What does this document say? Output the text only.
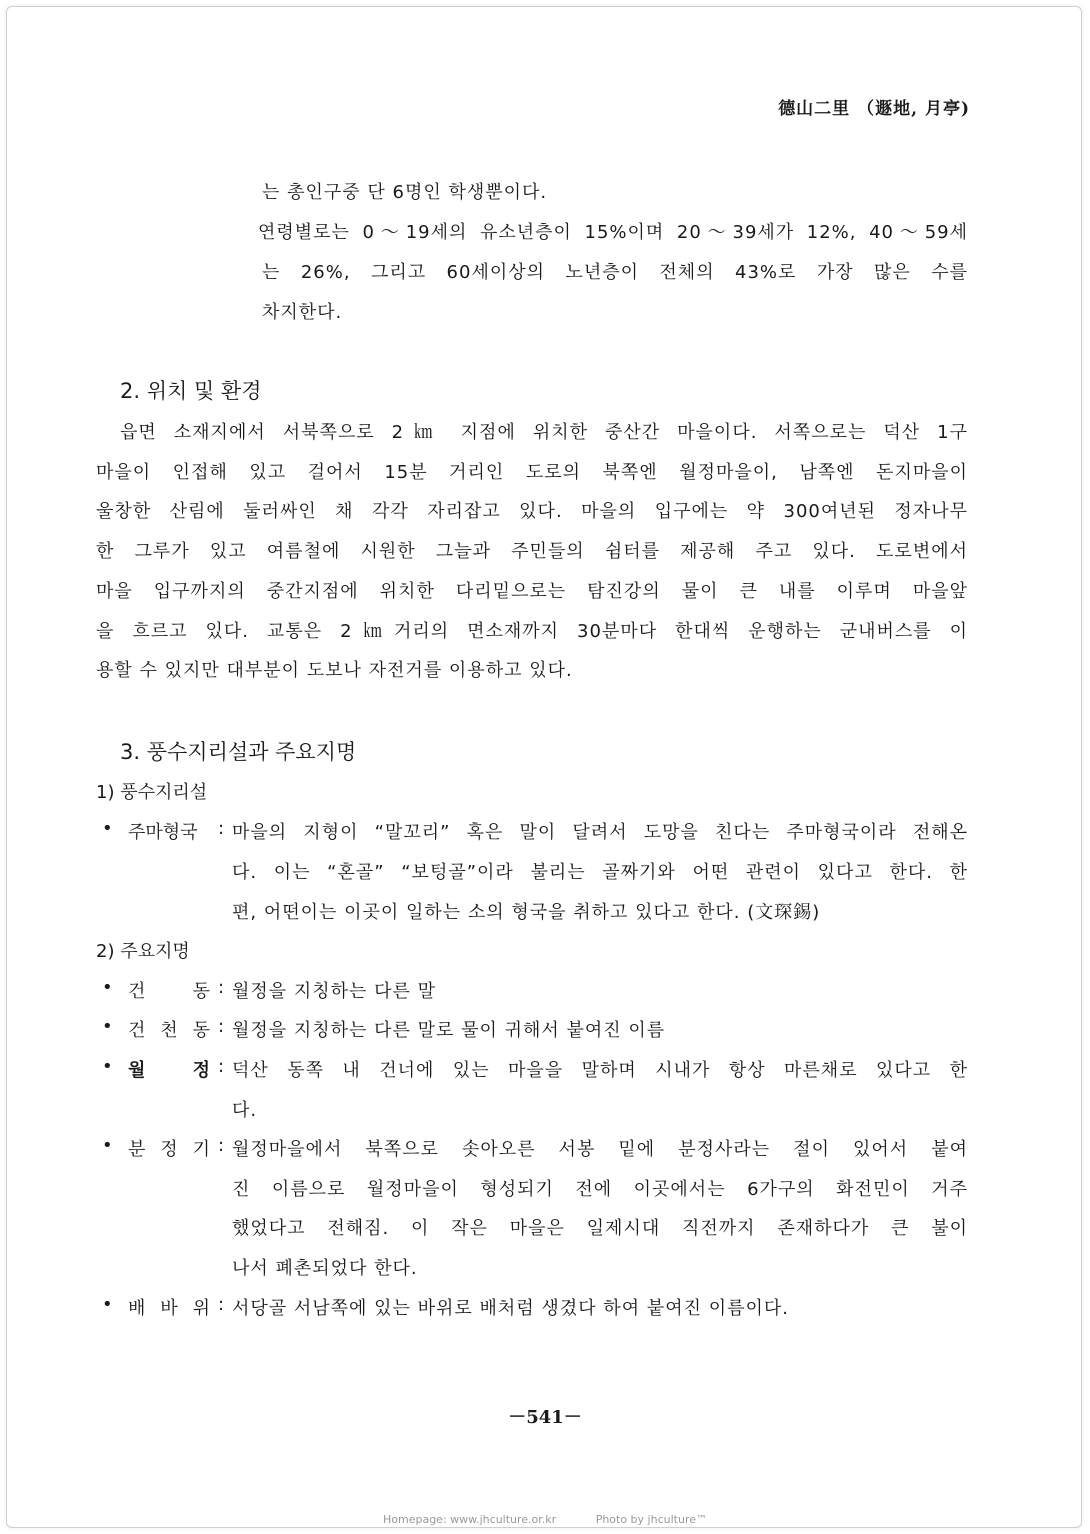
德山二里 （遯地, 月亭)
는 총인구중 단 6명인 학생뿐이다.
연령별로는 0～19세의 유소년층이 15%이며 20～39세가 12%, 40～59세
는 26%, 그리고 60세이상의 노년층이 전체의 43%로 가장 많은 수를
차지한다.
2. 위치 및 환경
읍면 소재지에서 서북쪽으로 2㎞ 지점에 위치한 중산간 마을이다. 서쪽으로는 덕산 1구
마을이 인접해 있고 걸어서 15분 거리인 도로의 북쪽엔 월정마을이, 남쪽엔 돈지마을이
울창한 산림에 둘러싸인 채 각각 자리잡고 있다. 마을의 입구에는 약 300여년된 정자나무
한 그루가 있고 여름철에 시원한 그늘과 주민들의 쉼터를 제공해 주고 있다. 도로변에서
마을 입구까지의 중간지점에 위치한 다리밑으로는 탐진강의 물이 큰 내를 이루며 마을앞
을 흐르고 있다. 교통은 2㎞거리의 면소재까지 30분마다 한대씩 운행하는 군내버스를 이
용할 수 있지만 대부분이 도보나 자전거를 이용하고 있다.
3. 풍수지리설과 주요지명
1) 풍수지리설
• 주마형국	: 마을의 지형이 “말꼬리” 혹은 말이 달려서 도망을 친다는 주마형국이라 전해온
다. 이는 “혼골” “보텅골”이라 불리는 골짜기와 어떤 관련이 있다고 한다. 한
편, 어떤이는 이곳이 일하는 소의 형국을 취하고 있다고 한다. (文琛錫)
2) 주요지명
• 건 동 : 월정을 지칭하는 다른 말
• 건 천 동 : 월정을 지칭하는 다른 말로 물이 귀해서 붙여진 이름
• 월 정 : 덕산 동쪽 내 건너에 있는 마을을 말하며 시내가 항상 마른채로 있다고 한
다.
• 분 정 기 : 월정마을에서 북쪽으로 솟아오른 서봉 밑에 분정사라는 절이 있어서 붙여
진 이름으로 월정마을이 형성되기 전에 이곳에서는 6가구의 화전민이 거주
했었다고 전해짐. 이 작은 마을은 일제시대 직전까지 존재하다가 큰 불이
나서 폐촌되었다 한다.
• 배 바 위 : 서당골 서남쪽에 있는 바위로 배처럼 생겼다 하여 붙여진 이름이다.
－541－
Homepage: www.jhculture.or.kr	Photo by jhculture™
